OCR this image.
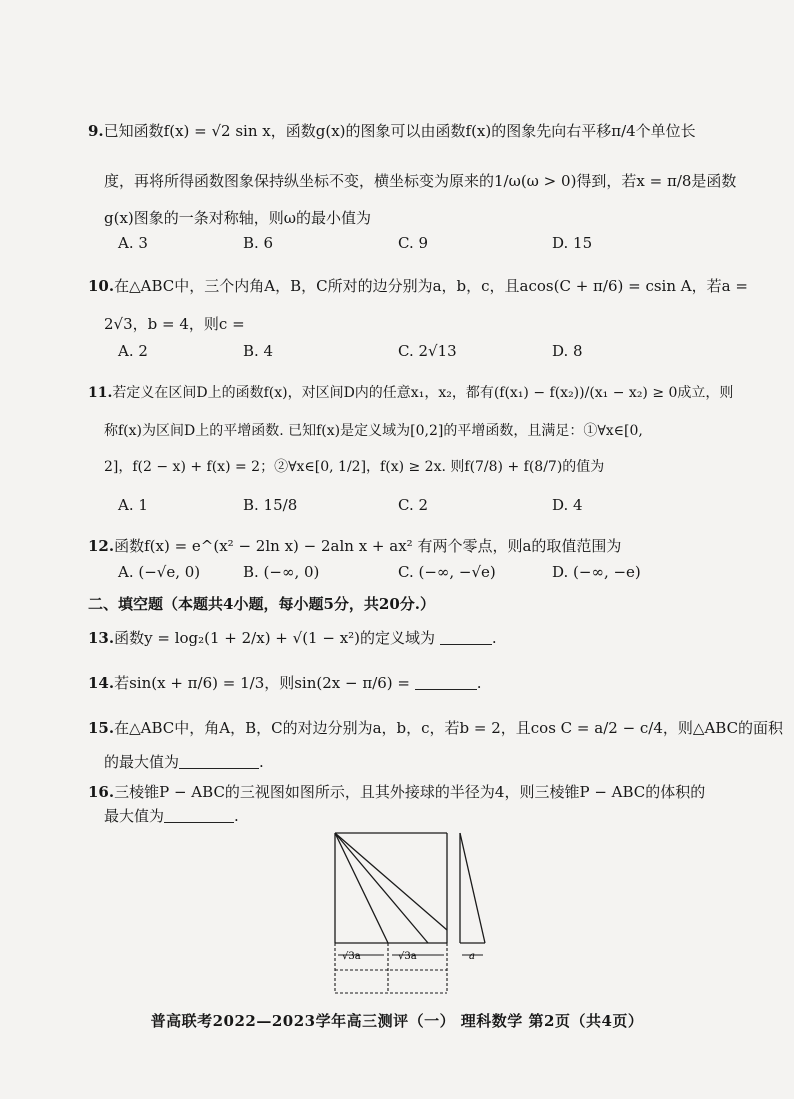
9.已知函数f(x) = √2 sin x，函数g(x)的图象可以由函数f(x)的图象先向右平移π/4个单位长
度，再将所得函数图象保持纵坐标不变，横坐标变为原来的1/ω(ω > 0)得到，若x = π/8是函数
g(x)图象的一条对称轴，则ω的最小值为
A. 3	B. 6	C. 9	D. 15
10.在△ABC中，三个内角A，B，C所对的边分别为a，b，c，且acos(C + π/6) = csin A，若a =
2√3，b = 4，则c =
A. 2	B. 4	C. 2√13	D. 8
11.若定义在区间D上的函数f(x)，对区间D内的任意x₁，x₂，都有(f(x₁) − f(x₂))/(x₁ − x₂) ≥ 0成立，则
称f(x)为区间D上的平增函数. 已知f(x)是定义域为[0,2]的平增函数，且满足：①∀x∈[0,
2]，f(2 − x) + f(x) = 2；②∀x∈[0, 1/2]，f(x) ≥ 2x. 则f(7/8) + f(8/7)的值为
A. 1	B. 15/8	C. 2	D. 4
12.函数f(x) = e^(x² − 2ln x) − 2aln x + ax² 有两个零点，则a的取值范围为
A. (−√e, 0)	B. (−∞, 0)	C. (−∞, −√e)	D. (−∞, −e)
二、填空题（本题共4小题，每小题5分，共20分.）
13.函数y = log₂(1 + 2/x) + √(1 − x²)的定义域为	.
14.若sin(x + π/6) = 1/3，则sin(2x − π/6) =	.
15.在△ABC中，角A，B，C的对边分别为a，b，c，若b = 2，且cos C = a/2 − c/4，则△ABC的面积
的最大值为	.
16.三棱锥P − ABC的三视图如图所示，且其外接球的半径为4，则三棱锥P − ABC的体积的
最大值为	.
√3a	√3a	a
普高联考2022—2023学年高三测评（一） 理科数学 第2页（共4页）
